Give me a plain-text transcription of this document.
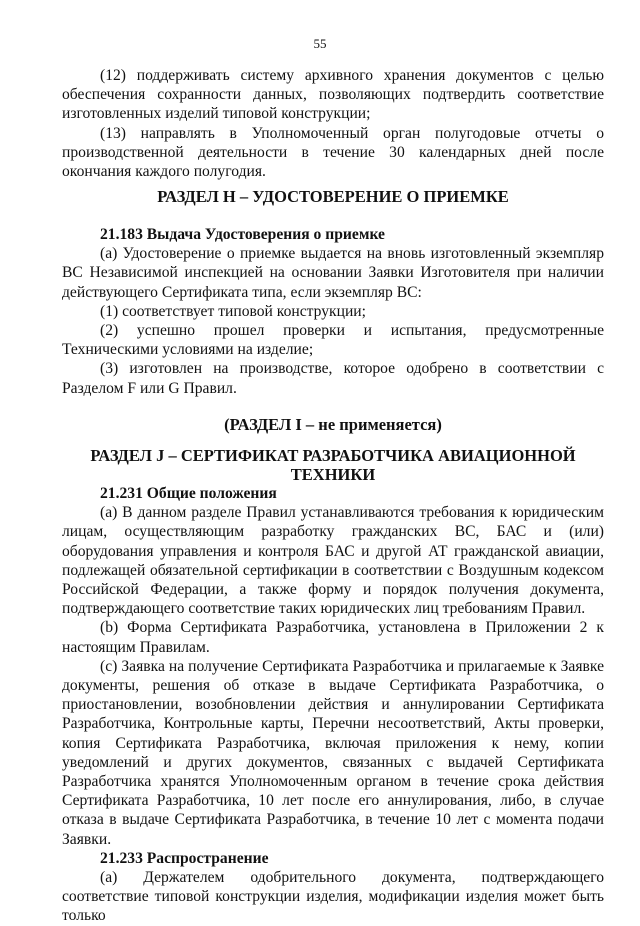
55

(12) поддерживать систему архивного хранения документов с целью обеспечения сохранности данных, позволяющих подтвердить соответствие изготовленных изделий типовой конструкции;

(13) направлять в Уполномоченный орган полугодовые отчеты о производственной деятельности в течение 30 календарных дней после окончания каждого полугодия.

РАЗДЕЛ H – УДОСТОВЕРЕНИЕ О ПРИЕМКЕ

21.183 Выдача Удостоверения о приемке

(a) Удостоверение о приемке выдается на вновь изготовленный экземпляр ВС Независимой инспекцией на основании Заявки Изготовителя при наличии действующего Сертификата типа, если экземпляр ВС:

(1) соответствует типовой конструкции;

(2) успешно прошел проверки и испытания, предусмотренные Техническими условиями на изделие;

(3) изготовлен на производстве, которое одобрено в соответствии с Разделом F или G Правил.

(РАЗДЕЛ I – не применяется)

РАЗДЕЛ J – СЕРТИФИКАТ РАЗРАБОТЧИКА АВИАЦИОННОЙ ТЕХНИКИ

21.231 Общие положения

(a) В данном разделе Правил устанавливаются требования к юридическим лицам, осуществляющим разработку гражданских ВС, БАС и (или) оборудования управления и контроля БАС и другой АТ гражданской авиации, подлежащей обязательной сертификации в соответствии с Воздушным кодексом Российской Федерации, а также форму и порядок получения документа, подтверждающего соответствие таких юридических лиц требованиям Правил.

(b) Форма Сертификата Разработчика, установлена в Приложении 2 к настоящим Правилам.

(c) Заявка на получение Сертификата Разработчика и прилагаемые к Заявке документы, решения об отказе в выдаче Сертификата Разработчика, о приостановлении, возобновлении действия и аннулировании Сертификата Разработчика, Контрольные карты, Перечни несоответствий, Акты проверки, копия Сертификата Разработчика, включая приложения к нему, копии уведомлений и других документов, связанных с выдачей Сертификата Разработчика хранятся Уполномоченным органом в течение срока действия Сертификата Разработчика, 10 лет после его аннулирования, либо, в случае отказа в выдаче Сертификата Разработчика, в течение 10 лет с момента подачи Заявки.

21.233 Распространение

(a) Держателем одобрительного документа, подтверждающего соответствие типовой конструкции изделия, модификации изделия может быть только
